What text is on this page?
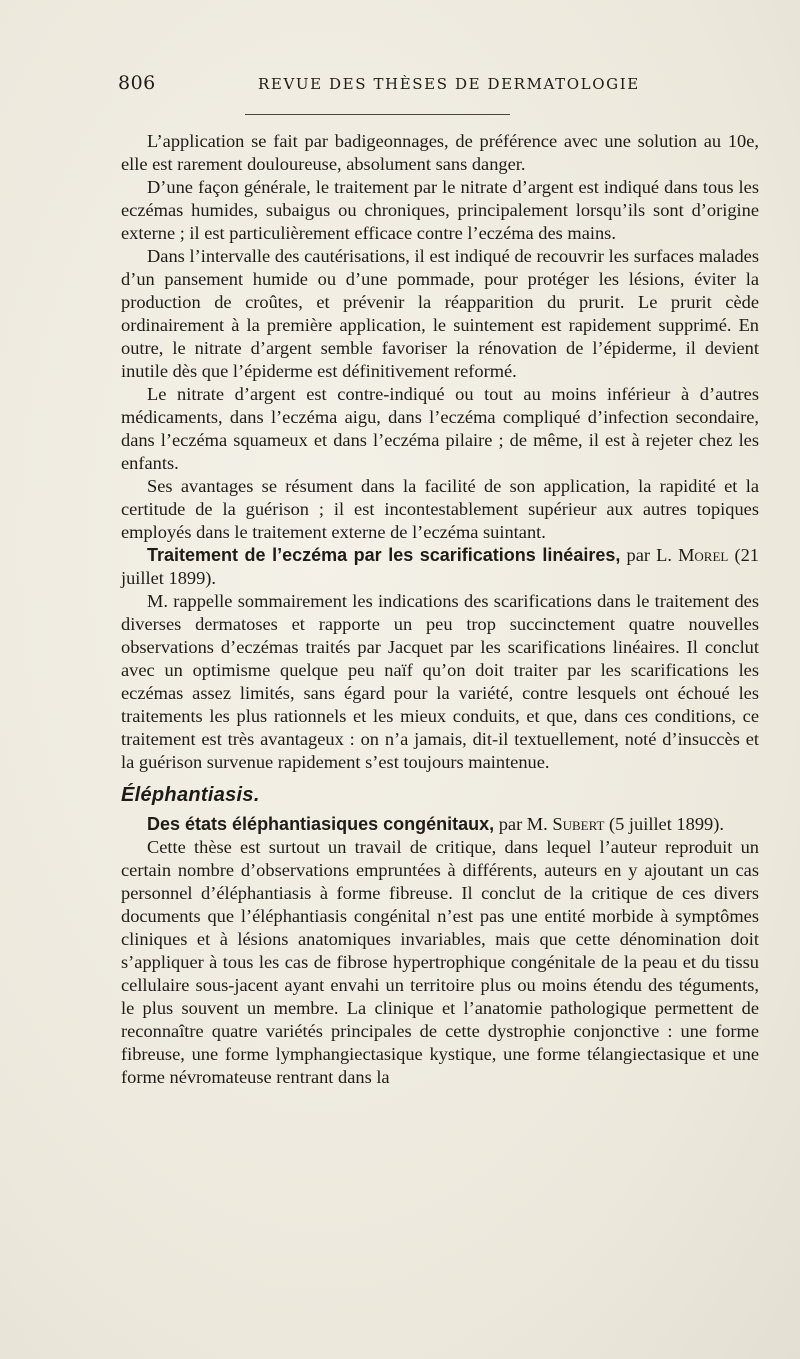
806	REVUE DES THÈSES DE DERMATOLOGIE

L’application se fait par badigeonnages, de préférence avec une solution au 10e, elle est rarement douloureuse, absolument sans danger.

D’une façon générale, le traitement par le nitrate d’argent est indiqué dans tous les eczémas humides, subaigus ou chroniques, principalement lorsqu’ils sont d’origine externe ; il est particulièrement efficace contre l’eczéma des mains.

Dans l’intervalle des cautérisations, il est indiqué de recouvrir les surfaces malades d’un pansement humide ou d’une pommade, pour protéger les lésions, éviter la production de croûtes, et prévenir la réapparition du prurit. Le prurit cède ordinairement à la première application, le suintement est rapidement supprimé. En outre, le nitrate d’argent semble favoriser la rénovation de l’épiderme, il devient inutile dès que l’épiderme est définitivement reformé.

Le nitrate d’argent est contre-indiqué ou tout au moins inférieur à d’autres médicaments, dans l’eczéma aigu, dans l’eczéma compliqué d’infection secondaire, dans l’eczéma squameux et dans l’eczéma pilaire ; de même, il est à rejeter chez les enfants.

Ses avantages se résument dans la facilité de son application, la rapidité et la certitude de la guérison ; il est incontestablement supérieur aux autres topiques employés dans le traitement externe de l’eczéma suintant.

Traitement de l’eczéma par les scarifications linéaires, par L. Morel (21 juillet 1899).

M. rappelle sommairement les indications des scarifications dans le traitement des diverses dermatoses et rapporte un peu trop succinctement quatre nouvelles observations d’eczémas traités par Jacquet par les scarifications linéaires. Il conclut avec un optimisme quelque peu naïf qu’on doit traiter par les scarifications les eczémas assez limités, sans égard pour la variété, contre lesquels ont échoué les traitements les plus rationnels et les mieux conduits, et que, dans ces conditions, ce traitement est très avantageux : on n’a jamais, dit-il textuellement, noté d’insuccès et la guérison survenue rapidement s’est toujours maintenue.

Éléphantiasis.

Des états éléphantiasiques congénitaux, par M. Subert (5 juillet 1899).

Cette thèse est surtout un travail de critique, dans lequel l’auteur reproduit un certain nombre d’observations empruntées à différents, auteurs en y ajoutant un cas personnel d’éléphantiasis à forme fibreuse. Il conclut de la critique de ces divers documents que l’éléphantiasis congénital n’est pas une entité morbide à symptômes cliniques et à lésions anatomiques invariables, mais que cette dénomination doit s’appliquer à tous les cas de fibrose hypertrophique congénitale de la peau et du tissu cellulaire sous-jacent ayant envahi un territoire plus ou moins étendu des téguments, le plus souvent un membre. La clinique et l’anatomie pathologique permettent de reconnaître quatre variétés principales de cette dystrophie conjonctive : une forme fibreuse, une forme lymphangiectasique kystique, une forme télangiectasique et une forme névromateuse rentrant dans la
